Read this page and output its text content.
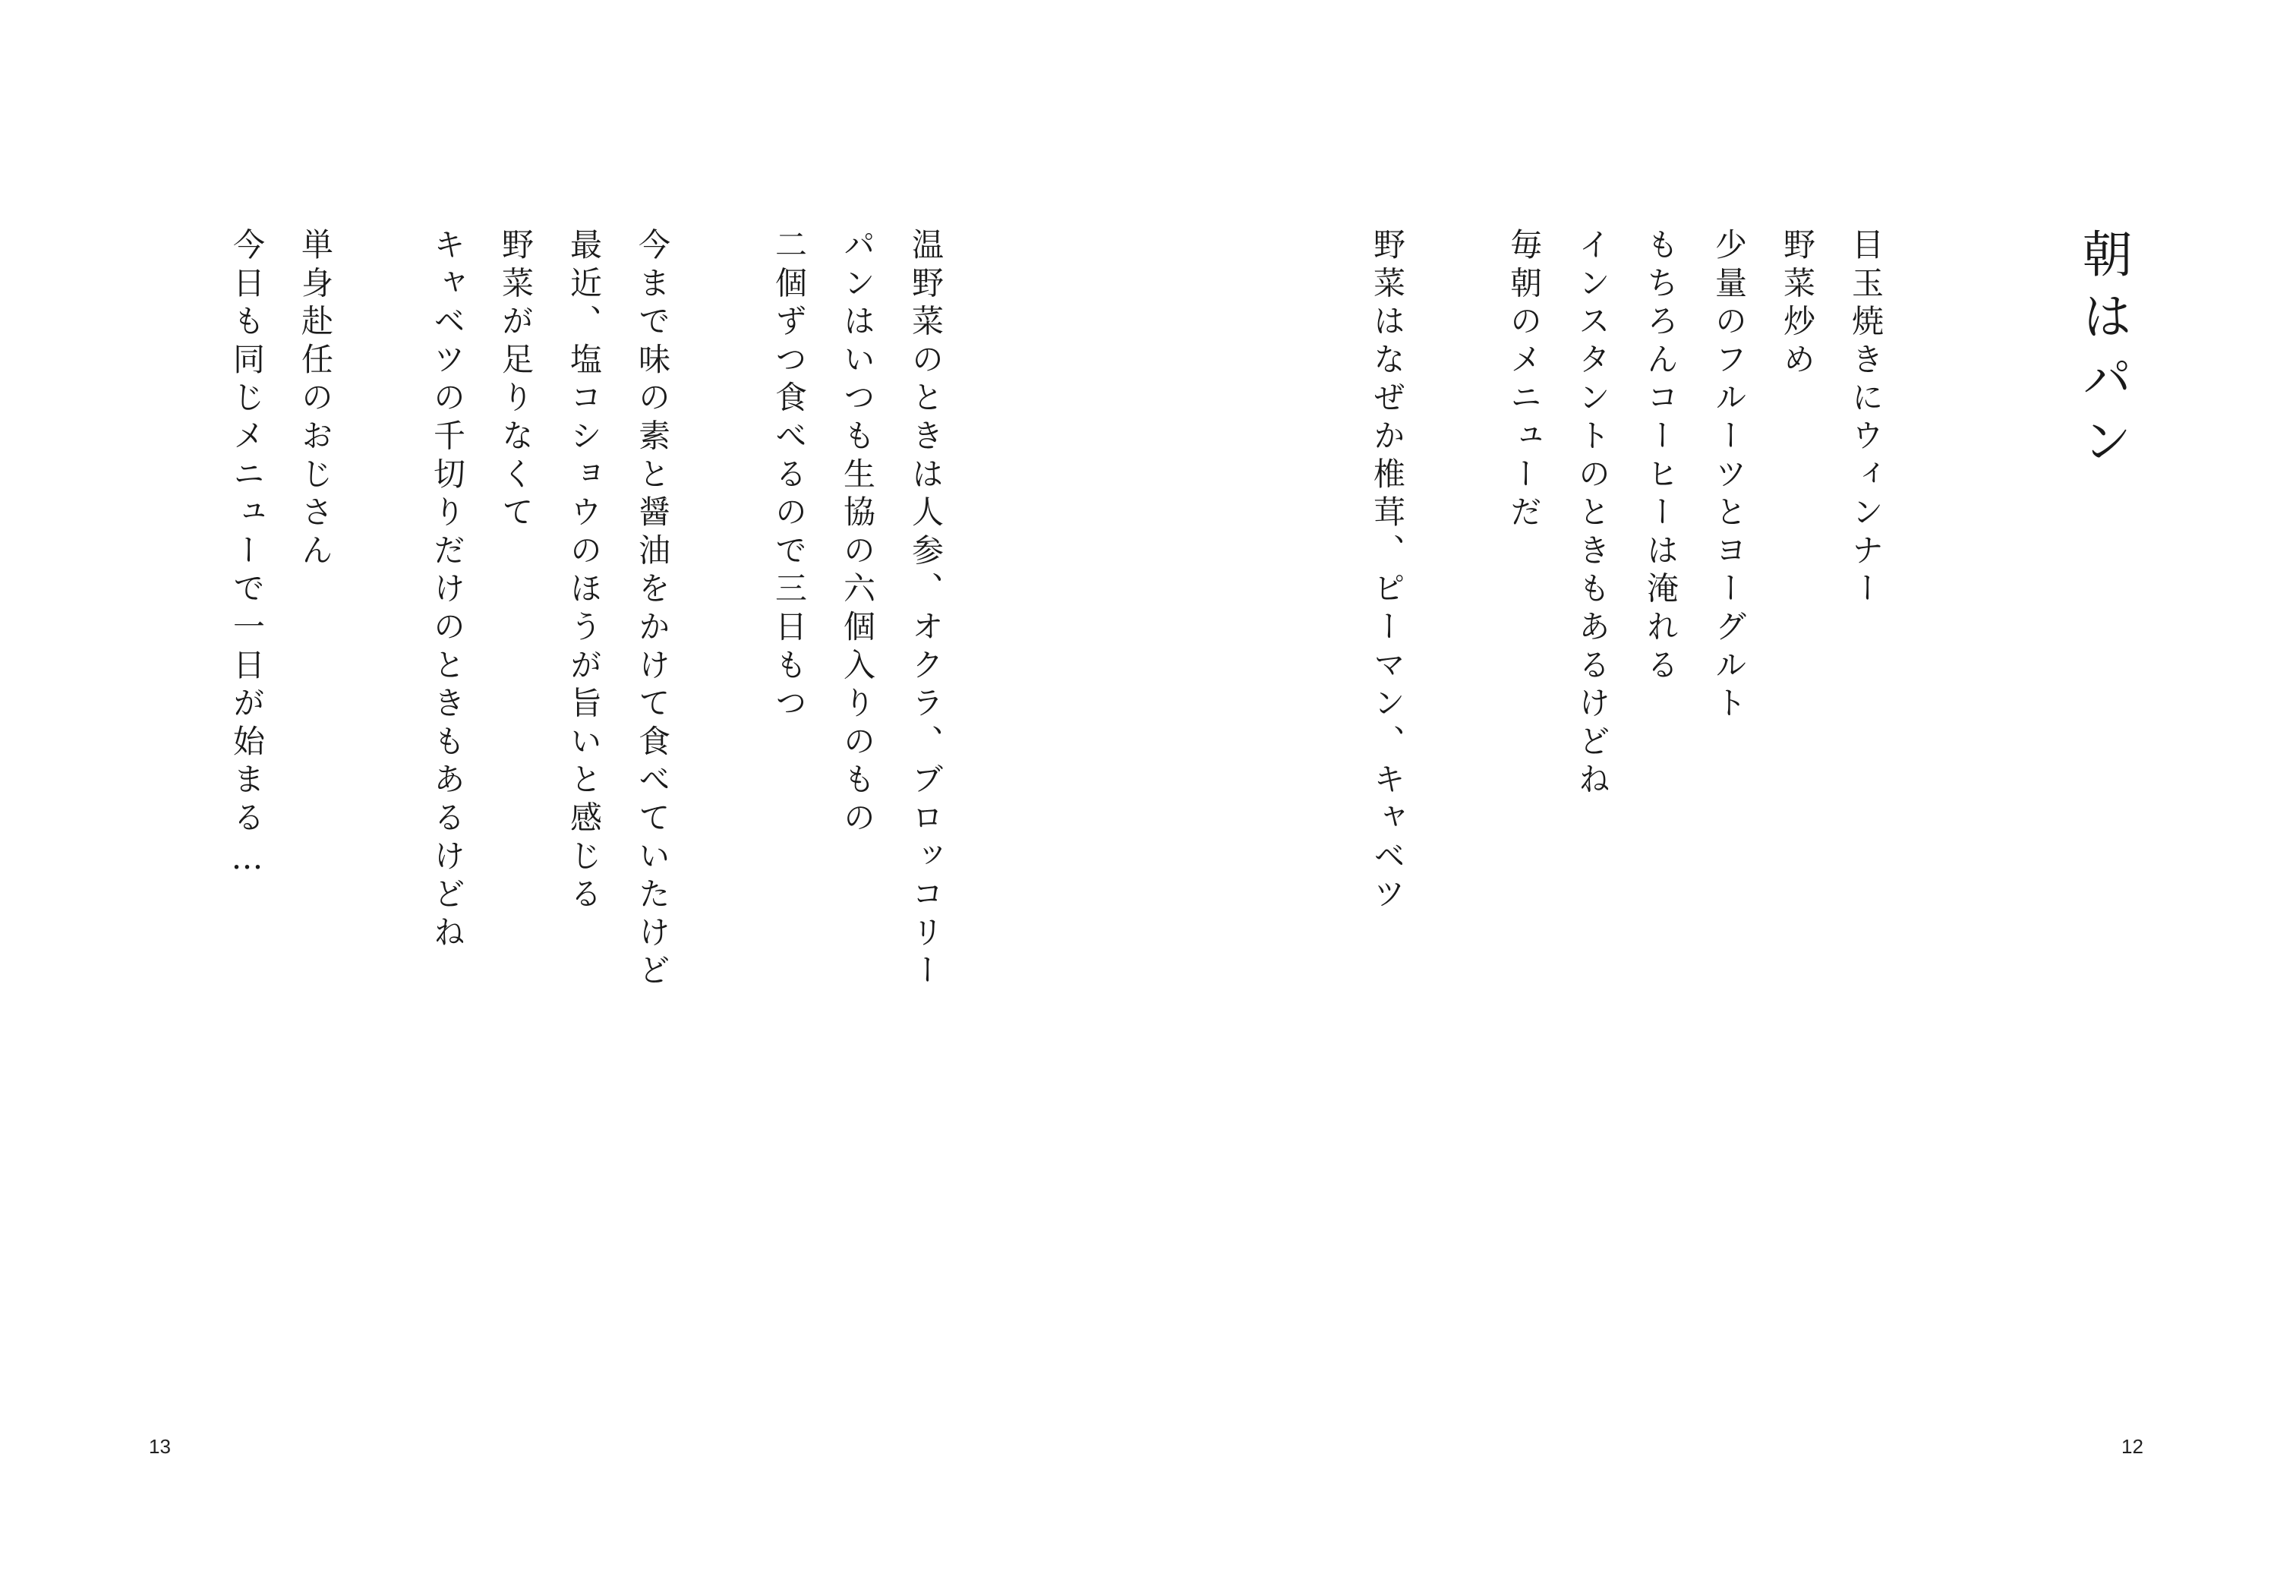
朝はパン

目玉焼きにウィンナー

野菜炒め

少量のフルーツとヨーグルト

もちろんコーヒーは淹れる

インスタントのときもあるけどね

毎朝のメニューだ

野菜はなぜか椎茸、ピーマン、キャベツ

12

温野菜のときは人参、オクラ、ブロッコリー

パンはいつも生協の六個入りのもの

二個ずつ食べるので三日もつ

今まで味の素と醤油をかけて食べていたけど

最近、塩コショウのほうが旨いと感じる

野菜が足りなくて

キャベツの千切りだけのときもあるけどね

単身赴任のおじさん

今日も同じメニューで一日が始まる…

13
